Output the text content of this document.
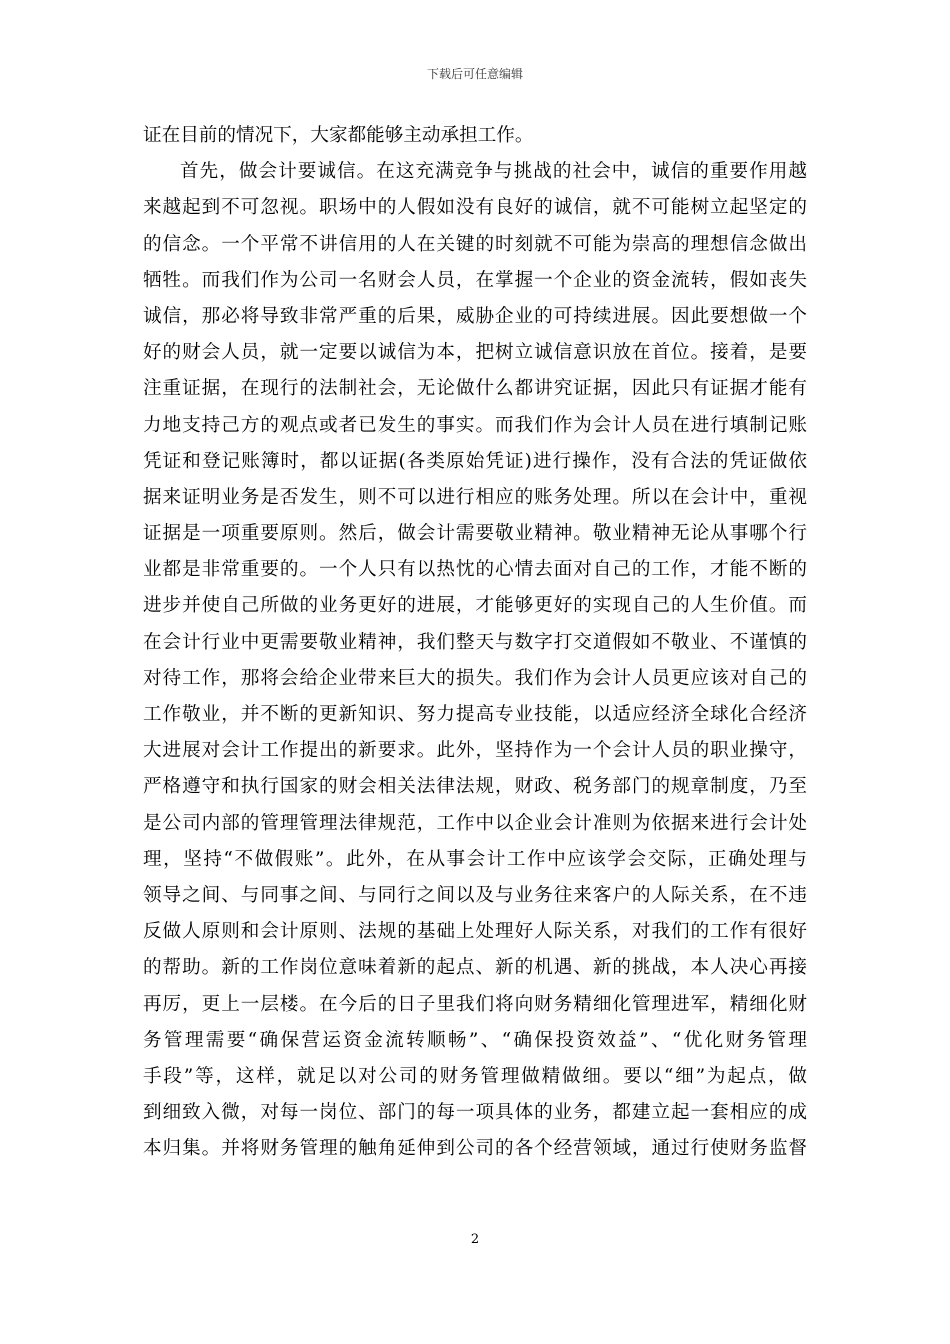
下载后可任意编辑
证在目前的情况下，大家都能够主动承担工作。
首先，做会计要诚信。在这充满竞争与挑战的社会中，诚信的重要作用越
来越起到不可忽视。职场中的人假如没有良好的诚信，就不可能树立起坚定的
的信念。一个平常不讲信用的人在关键的时刻就不可能为崇高的理想信念做出
牺牲。而我们作为公司一名财会人员，在掌握一个企业的资金流转，假如丧失
诚信，那必将导致非常严重的后果，威胁企业的可持续进展。因此要想做一个
好的财会人员，就一定要以诚信为本，把树立诚信意识放在首位。接着，是要
注重证据，在现行的法制社会，无论做什么都讲究证据，因此只有证据才能有
力地支持己方的观点或者已发生的事实。而我们作为会计人员在进行填制记账
凭证和登记账簿时，都以证据(各类原始凭证)进行操作，没有合法的凭证做依
据来证明业务是否发生，则不可以进行相应的账务处理。所以在会计中，重视
证据是一项重要原则。然后，做会计需要敬业精神。敬业精神无论从事哪个行
业都是非常重要的。一个人只有以热忱的心情去面对自己的工作，才能不断的
进步并使自己所做的业务更好的进展，才能够更好的实现自己的人生价值。而
在会计行业中更需要敬业精神，我们整天与数字打交道假如不敬业、不谨慎的
对待工作，那将会给企业带来巨大的损失。我们作为会计人员更应该对自己的
工作敬业，并不断的更新知识、努力提高专业技能，以适应经济全球化合经济
大进展对会计工作提出的新要求。此外，坚持作为一个会计人员的职业操守，
严格遵守和执行国家的财会相关法律法规，财政、税务部门的规章制度，乃至
是公司内部的管理管理法律规范，工作中以企业会计准则为依据来进行会计处
理，坚持“不做假账”。此外，在从事会计工作中应该学会交际，正确处理与
领导之间、与同事之间、与同行之间以及与业务往来客户的人际关系，在不违
反做人原则和会计原则、法规的基础上处理好人际关系，对我们的工作有很好
的帮助。新的工作岗位意味着新的起点、新的机遇、新的挑战，本人决心再接
再厉，更上一层楼。在今后的日子里我们将向财务精细化管理进军，精细化财
务管理需要“确保营运资金流转顺畅”、“确保投资效益”、“优化财务管理
手段”等，这样，就足以对公司的财务管理做精做细。要以“细”为起点，做
到细致入微，对每一岗位、部门的每一项具体的业务，都建立起一套相应的成
本归集。并将财务管理的触角延伸到公司的各个经营领域，通过行使财务监督
2
